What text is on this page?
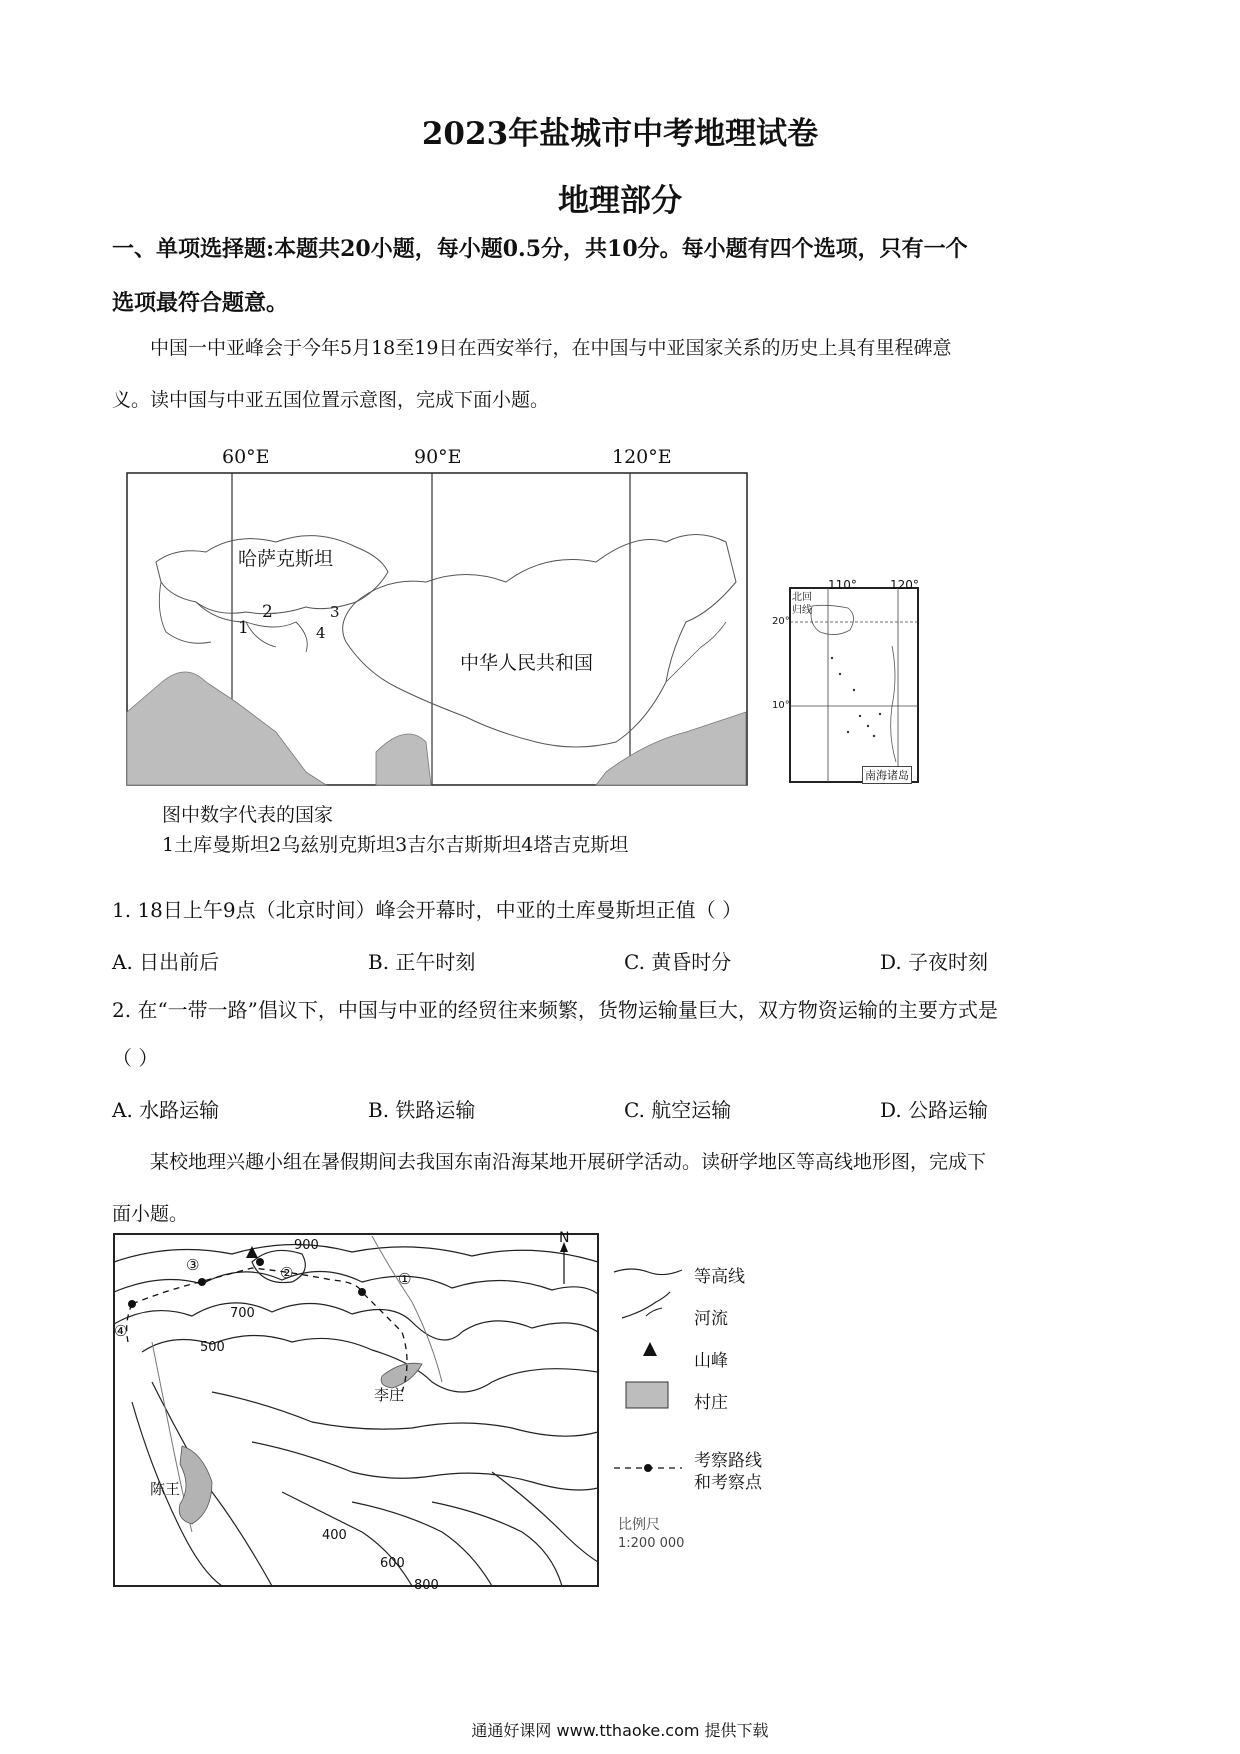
2023年盐城市中考地理试卷
地理部分
一、单项选择题:本题共20小题，每小题0.5分，共10分。每小题有四个选项，只有一个
选项最符合题意。
中国一中亚峰会于今年5月18至19日在西安举行，在中国与中亚国家关系的历史上具有里程碑意
义。读中国与中亚五国位置示意图，完成下面小题。
60°E	90°E	120°E
哈萨克斯坦
中华人民共和国
1
2	3
4
110°	120°
北回
归线
20°
10°
南海诸岛
图中数字代表的国家
1土库曼斯坦2乌兹别克斯坦3吉尔吉斯斯坦4塔吉克斯坦
1. 18日上午9点（北京时间）峰会开幕时，中亚的土库曼斯坦正值（ ）
A. 日出前后	B. 正午时刻	C. 黄昏时分	D. 子夜时刻
2. 在“一带一路”倡议下，中国与中亚的经贸往来频繁，货物运输量巨大，双方物资运输的主要方式是
（ ）
A. 水路运输	B. 铁路运输	C. 航空运输	D. 公路运输
某校地理兴趣小组在暑假期间去我国东南沿海某地开展研学活动。读研学地区等高线地形图，完成下
面小题。
N
900
700
500
400
600
800
①
②
③
④
李庄
陈王
等高线
河流
山峰
村庄
考察路线
和考察点
比例尺
1:200 000
通通好课网 www.tthaoke.com 提供下载
